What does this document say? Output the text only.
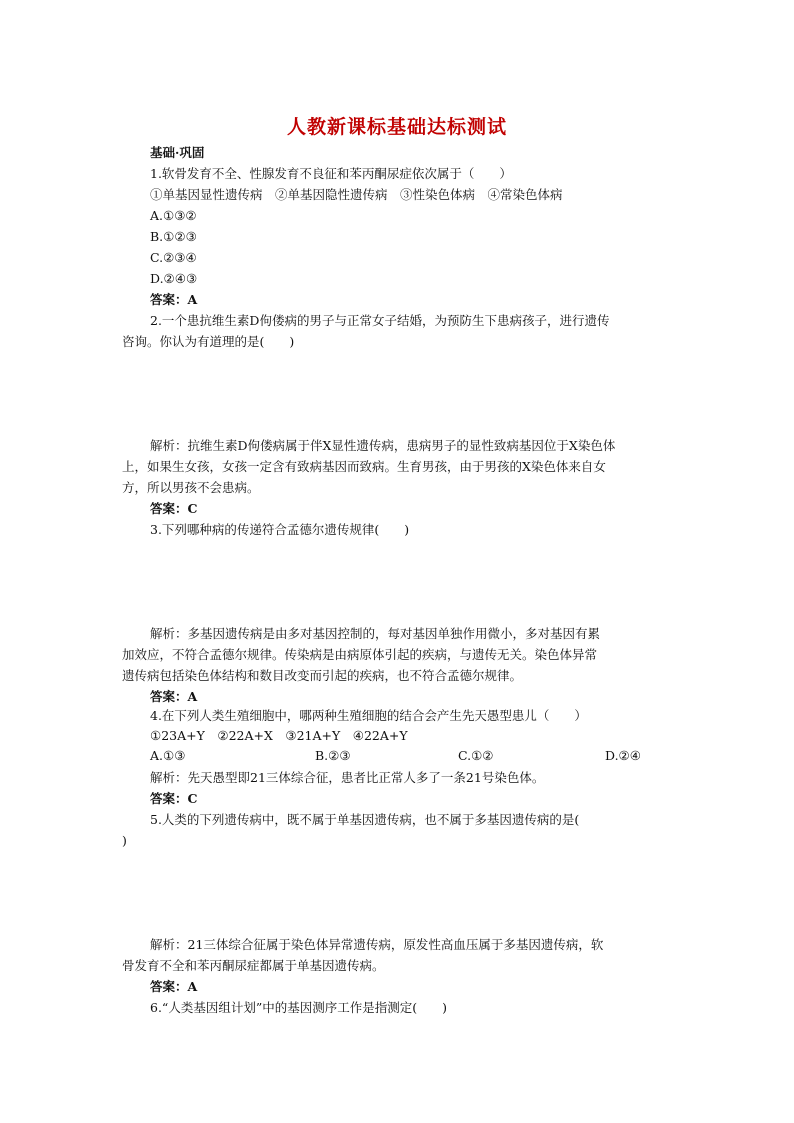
人教新课标基础达标测试
基础·巩固
1.软骨发育不全、性腺发育不良征和苯丙酮尿症依次属于（　　）
①单基因显性遗传病　②单基因隐性遗传病　③性染色体病　④常染色体病
A.①③②
B.①②③
C.②③④
D.②④③
答案：A
2.一个患抗维生素D佝偻病的男子与正常女子结婚，为预防生下患病孩子，进行遗传
咨询。你认为有道理的是(　　)
解析：抗维生素D佝偻病属于伴X显性遗传病，患病男子的显性致病基因位于X染色体
上，如果生女孩，女孩一定含有致病基因而致病。生育男孩，由于男孩的X染色体来自女
方，所以男孩不会患病。
答案：C
3.下列哪种病的传递符合孟德尔遗传规律(　　)
解析：多基因遗传病是由多对基因控制的，每对基因单独作用微小，多对基因有累
加效应，不符合孟德尔规律。传染病是由病原体引起的疾病，与遗传无关。染色体异常
遗传病包括染色体结构和数目改变而引起的疾病，也不符合孟德尔规律。
答案：A
4.在下列人类生殖细胞中，哪两种生殖细胞的结合会产生先天愚型患儿（　　）
①23A+Y　②22A+X　③21A+Y　④22A+Y
A.①③	B.②③	C.①②	D.②④
解析：先天愚型即21三体综合征，患者比正常人多了一条21号染色体。
答案：C
5.人类的下列遗传病中，既不属于单基因遗传病，也不属于多基因遗传病的是(
)
解析：21三体综合征属于染色体异常遗传病，原发性高血压属于多基因遗传病，软
骨发育不全和苯丙酮尿症都属于单基因遗传病。
答案：A
6.“人类基因组计划”中的基因测序工作是指测定(　　)
